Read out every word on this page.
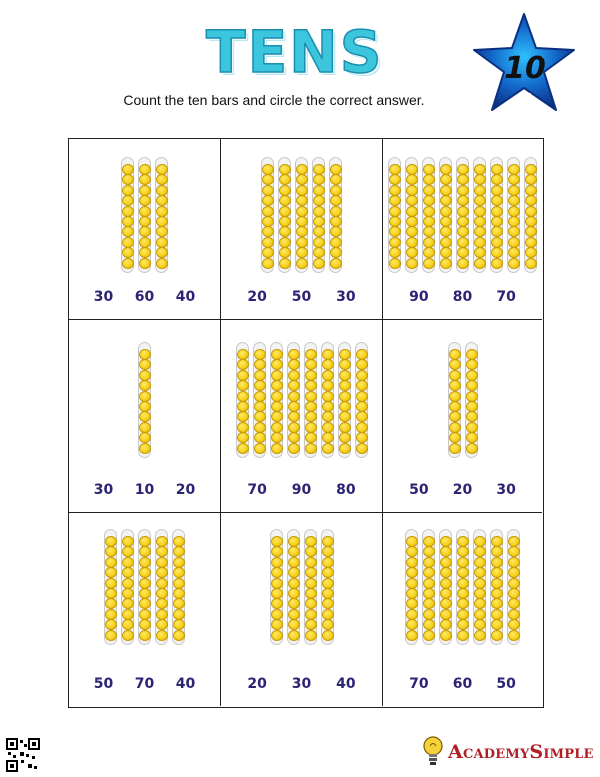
TENS	10
Count the ten bars and circle the correct answer.
30 60 40	20 50 30	90 80 70
30 10 20	70 90 80	50 20 30
50 70 40	20 30 40	70 60 50
AcademySimple
